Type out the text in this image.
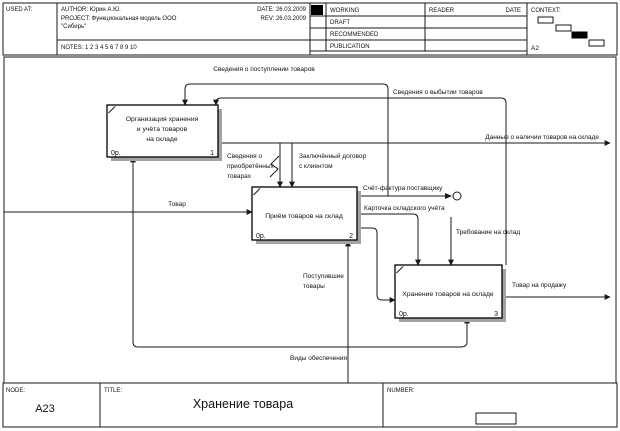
USED AT:	AUTHOR: Юрин А.Ю.
PROJECT: Функциональная модель ООО
"Сибирь"
DATE: 26.03.2009
REV: 26.03.2009
NOTES: 1 2 3 4 5 6 7 8 9 10
WORKING
DRAFT
RECOMMENDED
PUBLICATION
READER	DATE CONTEXT:
A2
Организация хранения
и учёта товаров
на складе
0р.	1
Приём товаров на склад
0р.	2
Хранение товаров на складе
0р.	3
Сведения о поступлении товаров
Сведения о выбытии товаров
Данные о наличии товаров на складе
Сведения о
приобретённых
товарах
Заключённый договор
с клиентом
Товар
Счёт-фактура поставщику
Карточка складского учёта
Требование на склад
Поступившие
товары	Товар на продажу
Виды обеспечения
NODE:
A23
TITLE:
Хранение товара
NUMBER:
